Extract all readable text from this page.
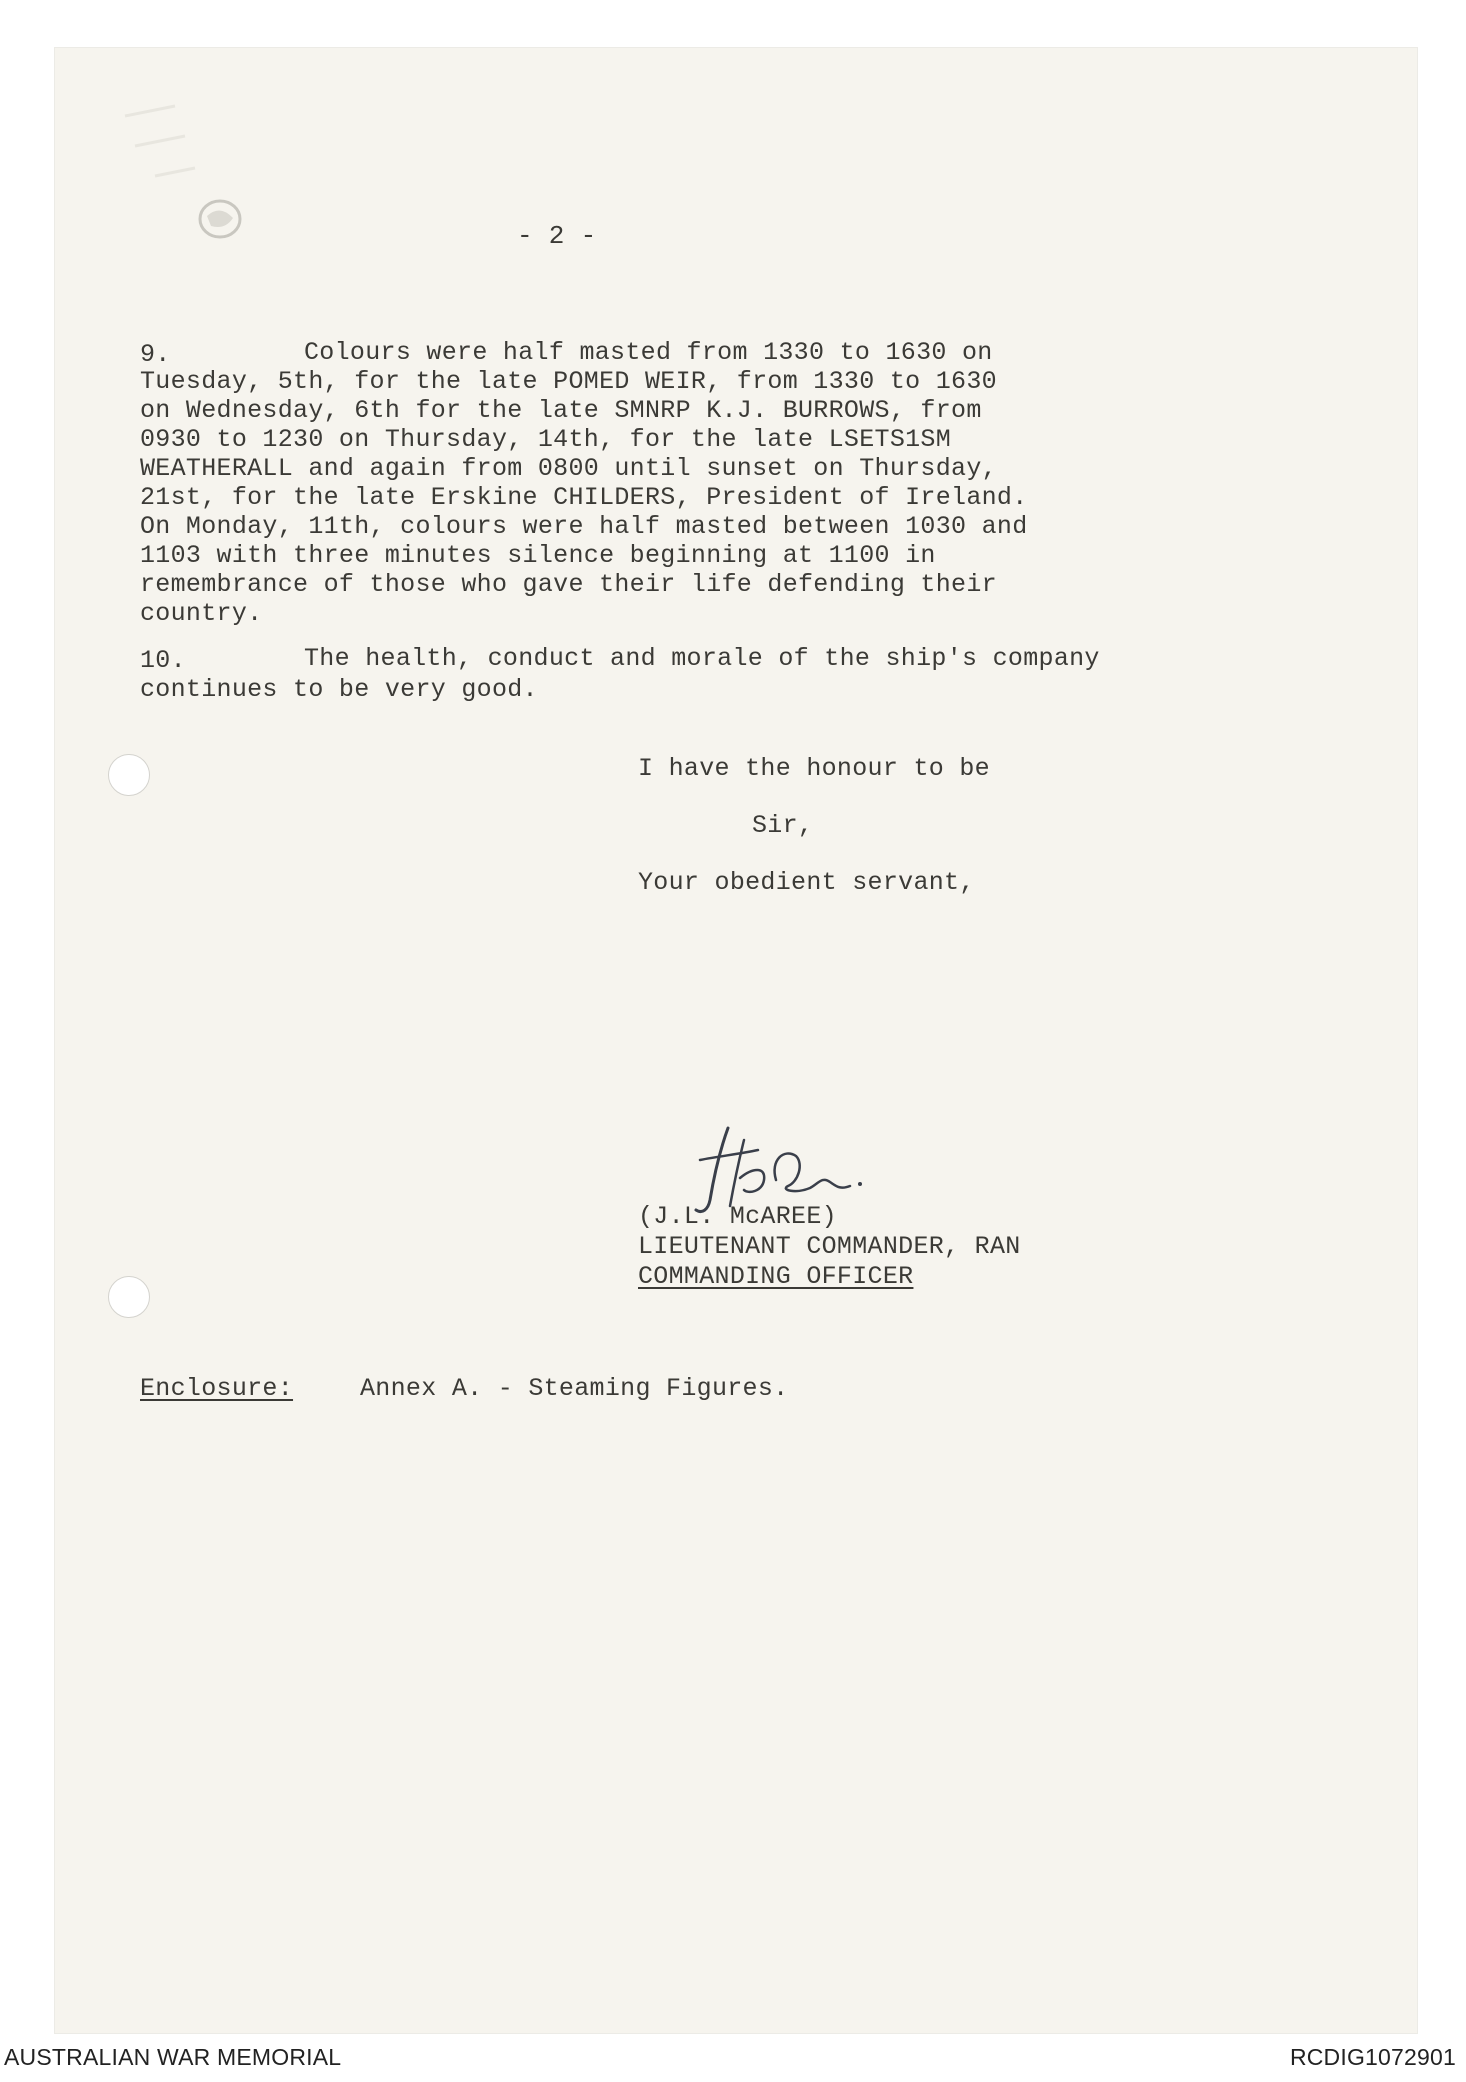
- 2 -
9.	Colours were half masted from 1330 to 1630 on
Tuesday, 5th, for the late POMED WEIR, from 1330 to 1630
on Wednesday, 6th for the late SMNRP K.J. BURROWS, from
0930 to 1230 on Thursday, 14th, for the late LSETS1SM
WEATHERALL and again from 0800 until sunset on Thursday,
21st, for the late Erskine CHILDERS, President of Ireland.
On Monday, 11th, colours were half masted between 1030 and
1103 with three minutes silence beginning at 1100 in
remembrance of those who gave their life defending their
country.
10.	The health, conduct and morale of the ship's company
continues to be very good.
I have the honour to be
Sir,
Your obedient servant,
(J.L. McAREE)
LIEUTENANT COMMANDER, RAN
COMMANDING OFFICER
Enclosure:	Annex A. - Steaming Figures.
AUSTRALIAN WAR MEMORIAL	RCDIG1072901
